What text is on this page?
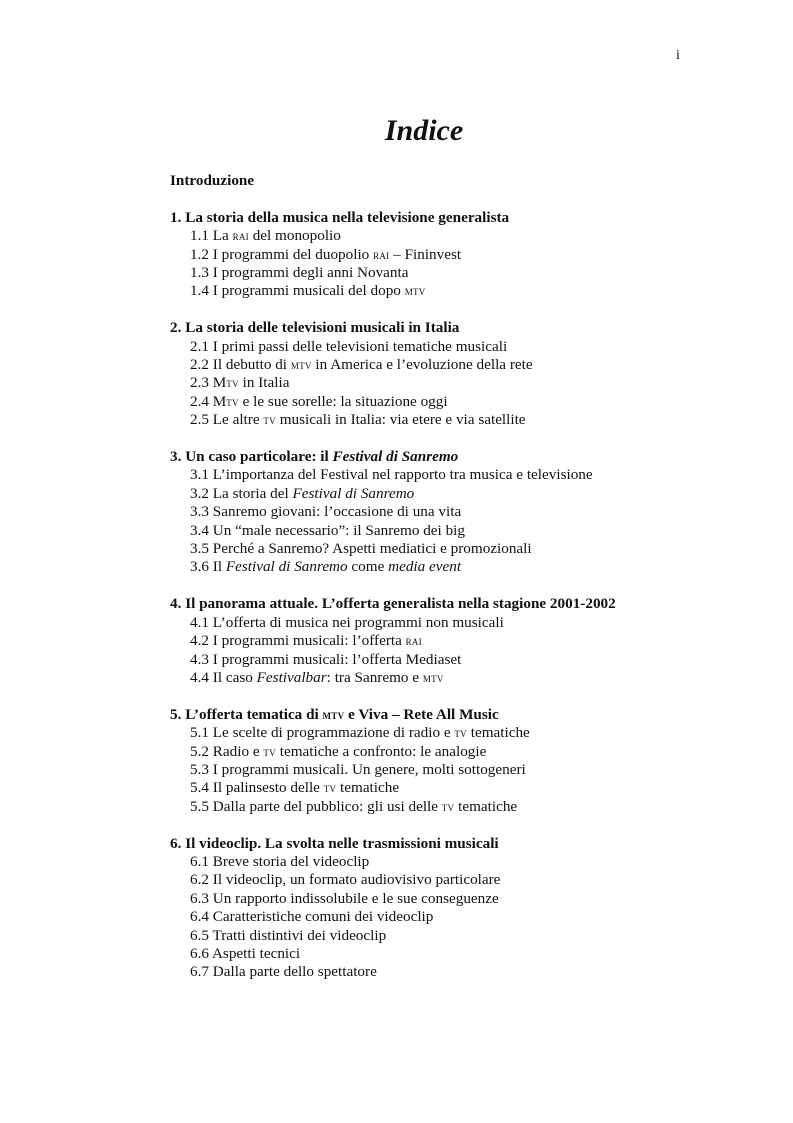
i
Indice
Introduzione
1. La storia della musica nella televisione generalista
1.1 La rai del monopolio
1.2 I programmi del duopolio rai – Fininvest
1.3 I programmi degli anni Novanta
1.4 I programmi musicali del dopo mtv
2. La storia delle televisioni musicali in Italia
2.1 I primi passi delle televisioni tematiche musicali
2.2 Il debutto di mtv in America e l’evoluzione della rete
2.3 Mtv in Italia
2.4 Mtv e le sue sorelle: la situazione oggi
2.5 Le altre tv musicali in Italia: via etere e via satellite
3. Un caso particolare: il Festival di Sanremo
3.1 L’importanza del Festival nel rapporto tra musica e televisione
3.2 La storia del Festival di Sanremo
3.3 Sanremo giovani: l’occasione di una vita
3.4 Un “male necessario”: il Sanremo dei big
3.5 Perché a Sanremo? Aspetti mediatici e promozionali
3.6 Il Festival di Sanremo come media event
4. Il panorama attuale. L’offerta generalista nella stagione 2001-2002
4.1 L’offerta di musica nei programmi non musicali
4.2 I programmi musicali: l’offerta rai
4.3 I programmi musicali: l’offerta Mediaset
4.4 Il caso Festivalbar: tra Sanremo e mtv
5. L’offerta tematica di mtv e Viva – Rete All Music
5.1 Le scelte di programmazione di radio e tv tematiche
5.2 Radio e tv tematiche a confronto: le analogie
5.3 I programmi musicali. Un genere, molti sottogeneri
5.4 Il palinsesto delle tv tematiche
5.5 Dalla parte del pubblico: gli usi delle tv tematiche
6. Il videoclip. La svolta nelle trasmissioni musicali
6.1 Breve storia del videoclip
6.2 Il videoclip, un formato audiovisivo particolare
6.3 Un rapporto indissolubile e le sue conseguenze
6.4 Caratteristiche comuni dei videoclip
6.5 Tratti distintivi dei videoclip
6.6 Aspetti tecnici
6.7 Dalla parte dello spettatore
